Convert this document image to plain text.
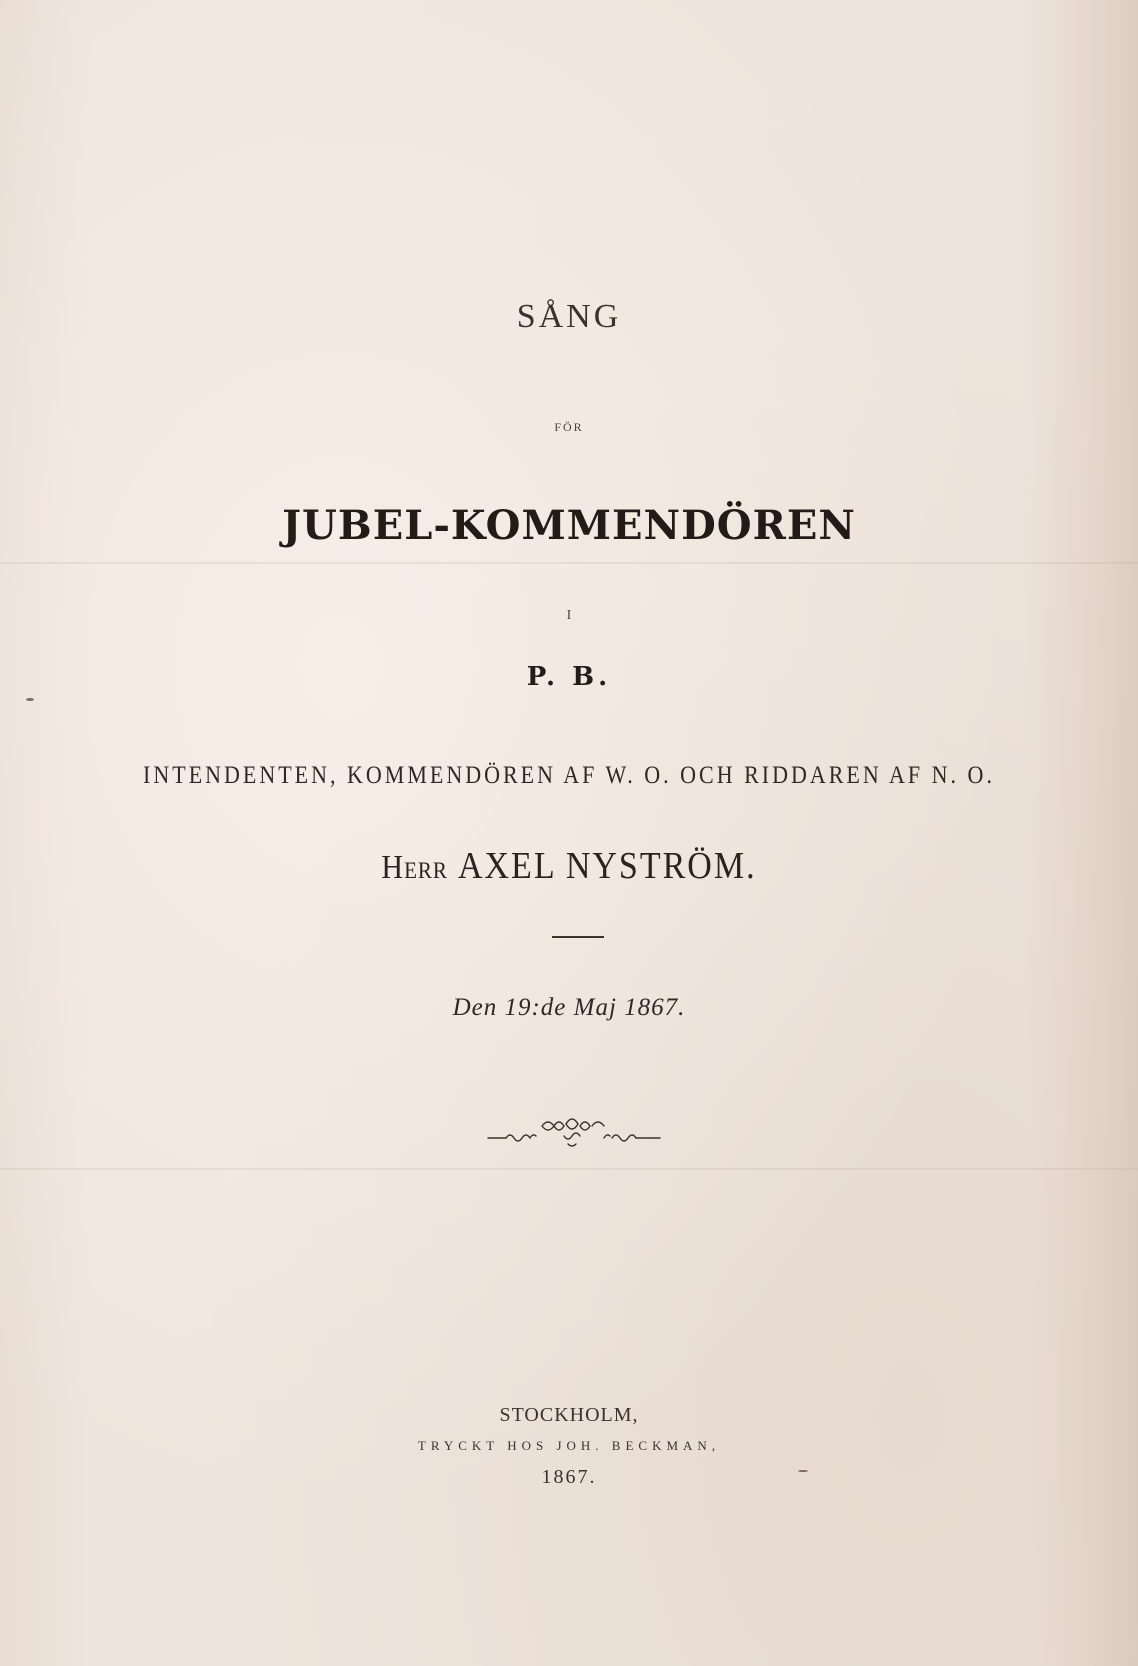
SÅNG
FÖR
JUBEL-KOMMENDÖREN
I
P. B.
INTENDENTEN, KOMMENDÖREN AF W. O. OCH RIDDAREN AF N. O.
Herr AXEL NYSTRÖM.
Den 19:de Maj 1867.
STOCKHOLM,
TRYCKT HOS JOH. BECKMAN,
1867.
